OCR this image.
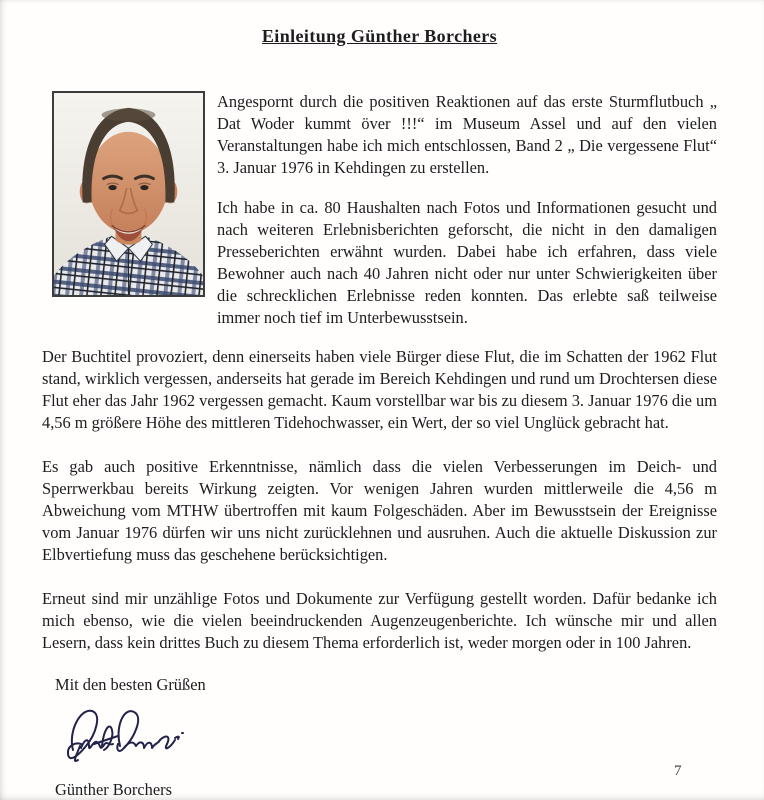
Einleitung Günther Borchers

Angespornt durch die positiven Reaktionen auf das erste Sturmflutbuch „ Dat Woder kummt över !!!“ im Museum Assel und auf den vielen Veranstaltungen habe ich mich entschlossen, Band 2 „ Die vergessene Flut“ 3. Januar 1976 in Kehdingen zu erstellen.

Ich habe in ca. 80 Haushalten nach Fotos und Informationen gesucht und nach weiteren Erlebnisberichten geforscht, die nicht in den damaligen Presseberichten erwähnt wurden. Dabei habe ich erfahren, dass viele Bewohner auch nach 40 Jahren nicht oder nur unter Schwierigkeiten über die schrecklichen Erlebnisse reden konnten. Das erlebte saß teilweise immer noch tief im Unterbewusstsein.

Der Buchtitel provoziert, denn einerseits haben viele Bürger diese Flut, die im Schatten der 1962 Flut stand, wirklich vergessen, anderseits hat gerade im Bereich Kehdingen und rund um Drochtersen diese Flut eher das Jahr 1962 vergessen gemacht. Kaum vorstellbar war bis zu diesem 3. Januar 1976 die um 4,56 m größere Höhe des mittleren Tidehochwasser, ein Wert, der so viel Unglück gebracht hat.

Es gab auch positive Erkenntnisse, nämlich dass die vielen Verbesserungen im Deich- und Sperrwerkbau bereits Wirkung zeigten. Vor wenigen Jahren wurden mittlerweile die 4,56 m Abweichung vom MTHW übertroffen mit kaum Folgeschäden. Aber im Bewusstsein der Ereignisse vom Januar 1976 dürfen wir uns nicht zurücklehnen und ausruhen. Auch die aktuelle Diskussion zur Elbvertiefung muss das geschehene berücksichtigen.

Erneut sind mir unzählige Fotos und Dokumente zur Verfügung gestellt worden. Dafür bedanke ich mich ebenso, wie die vielen beeindruckenden Augenzeugenberichte. Ich wünsche mir und allen Lesern, dass kein drittes Buch zu diesem Thema erforderlich ist, weder morgen oder in 100 Jahren.

Mit den besten Grüßen

Günther Borchers

7
